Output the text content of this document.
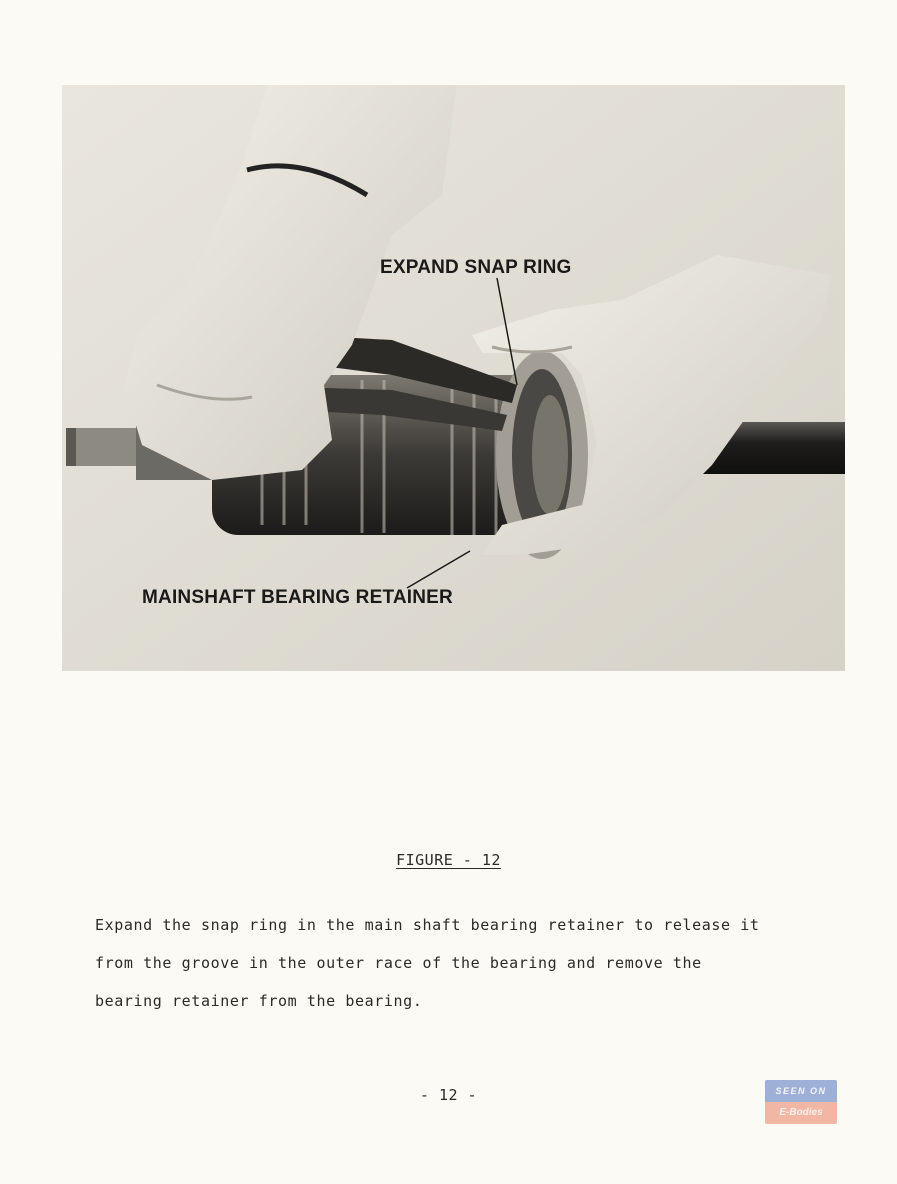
EXPAND SNAP RING
MAINSHAFT BEARING RETAINER
FIGURE - 12

Expand the snap ring in the main shaft bearing retainer to release it from the groove in the outer race of the bearing and remove the bearing retainer from the bearing.

- 12 -	SEEN ON
E-Bodies
